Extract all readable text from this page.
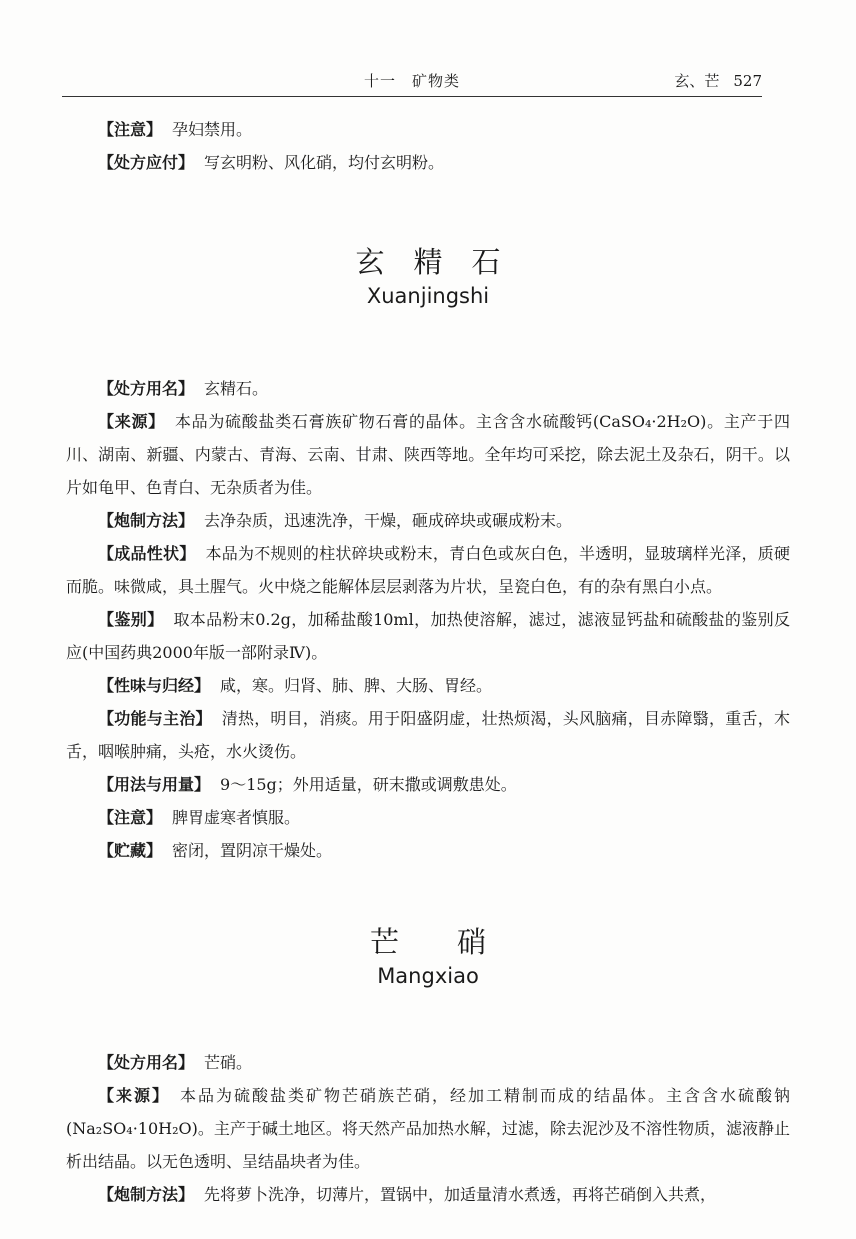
十一　矿物类	玄、芒 527

【注意】 孕妇禁用。

【处方应付】 写玄明粉、风化硝，均付玄明粉。

玄　精　石
Xuanjingshi

【处方用名】 玄精石。

【来源】 本品为硫酸盐类石膏族矿物石膏的晶体。主含含水硫酸钙(CaSO₄·2H₂O)。主产于四川、湖南、新疆、内蒙古、青海、云南、甘肃、陕西等地。全年均可采挖，除去泥土及杂石，阴干。以片如龟甲、色青白、无杂质者为佳。

【炮制方法】 去净杂质，迅速洗净，干燥，砸成碎块或碾成粉末。

【成品性状】 本品为不规则的柱状碎块或粉末，青白色或灰白色，半透明，显玻璃样光泽，质硬而脆。味微咸，具土腥气。火中烧之能解体层层剥落为片状，呈瓷白色，有的杂有黑白小点。

【鉴别】 取本品粉末0.2g，加稀盐酸10ml，加热使溶解，滤过，滤液显钙盐和硫酸盐的鉴别反应(中国药典2000年版一部附录Ⅳ)。

【性味与归经】 咸，寒。归肾、肺、脾、大肠、胃经。

【功能与主治】 清热，明目，消痰。用于阳盛阴虚，壮热烦渴，头风脑痛，目赤障翳，重舌，木舌，咽喉肿痛，头疮，水火烫伤。

【用法与用量】 9～15g；外用适量，研末撒或调敷患处。

【注意】 脾胃虚寒者慎服。

【贮藏】 密闭，置阴凉干燥处。

芒　　硝
Mangxiao

【处方用名】 芒硝。

【来源】 本品为硫酸盐类矿物芒硝族芒硝，经加工精制而成的结晶体。主含含水硫酸钠(Na₂SO₄·10H₂O)。主产于碱土地区。将天然产品加热水解，过滤，除去泥沙及不溶性物质，滤液静止析出结晶。以无色透明、呈结晶块者为佳。

【炮制方法】 先将萝卜洗净，切薄片，置锅中，加适量清水煮透，再将芒硝倒入共煮，
